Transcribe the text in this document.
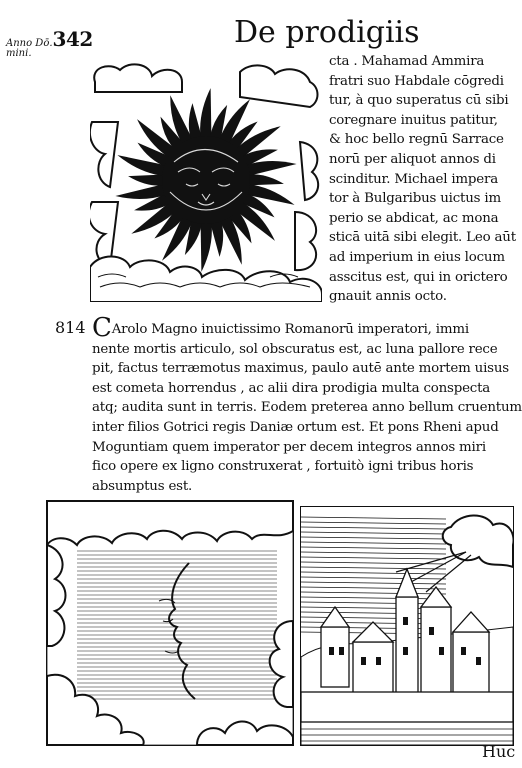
Anno Dō.342
mini.
De prodigiis
cta . Mahamad Ammira
fratri suo Habdale cōgredi
tur, à quo superatus cū sibi
coregnare inuitus patitur,
& hoc bello regnū Sarrace
norū per aliquot annos di
scinditur. Michael impera
tor à Bulgaribus uictus im
perio se abdicat, ac mona
sticā uitā sibi elegit. Leo aūt
ad imperium in eius locum
asscitus est, qui in orictero
gnauit annis octo.
814 CArolo Magno inuictissimo Romanorū imperatori, immi
nente mortis articulo, sol obscuratus est, ac luna pallore rece
pit, factus terræmotus maximus, paulo autē ante mortem uisus
est cometa horrendus , ac alii dira prodigia multa conspecta
atq; audita sunt in terris. Eodem preterea anno bellum cruentum
inter filios Gotrici regis Daniæ ortum est. Et pons Rheni apud
Moguntiam quem imperator per decem integros annos miri
fico opere ex ligno construxerat , fortuitò igni tribus horis
absumptus est.
Huc
